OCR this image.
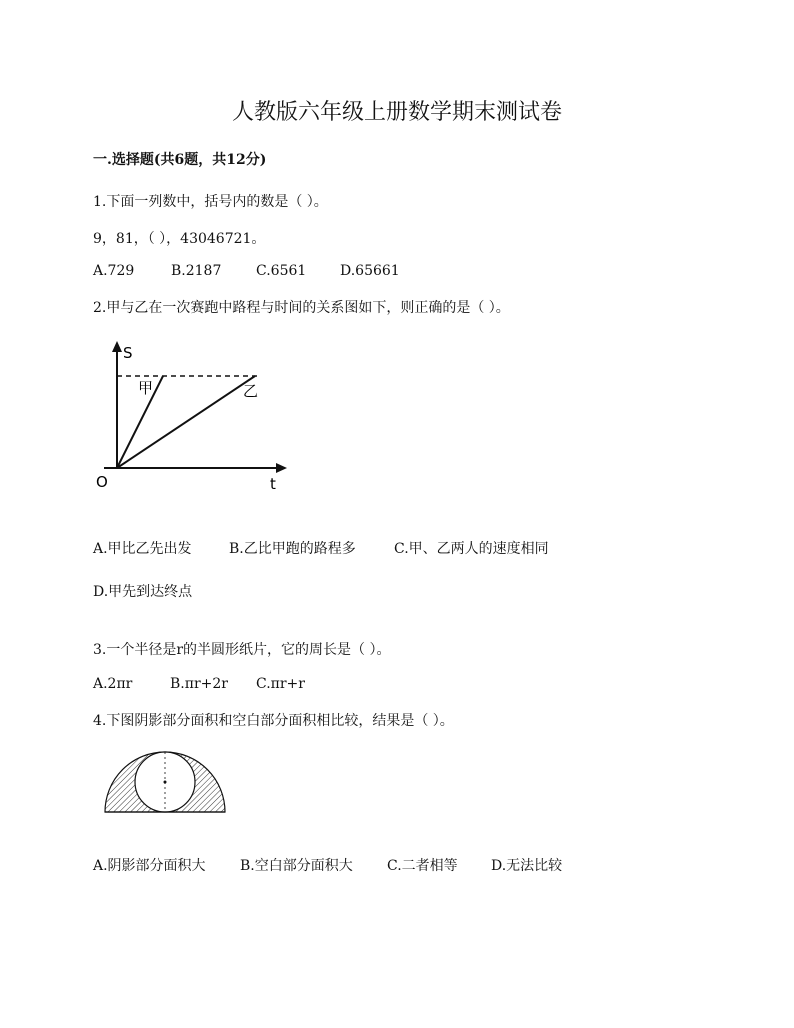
人教版六年级上册数学期末测试卷
一.选择题(共6题，共12分)
1.下面一列数中，括号内的数是（ ）。
9，81，（ ），43046721。
A.729	B.2187 C.6561 D.65661
2.甲与乙在一次赛跑中路程与时间的关系图如下，则正确的是（ ）。
S
t
O
甲	乙
A.甲比乙先出发	B.乙比甲跑的路程多	C.甲、乙两人的速度相同
D.甲先到达终点
3.一个半径是r的半圆形纸片，它的周长是（ ）。
A.2πr	B.πr+2r C.πr+r
4.下图阴影部分面积和空白部分面积相比较，结果是（ ）。
A.阴影部分面积大 B.空白部分面积大 C.二者相等 D.无法比较
